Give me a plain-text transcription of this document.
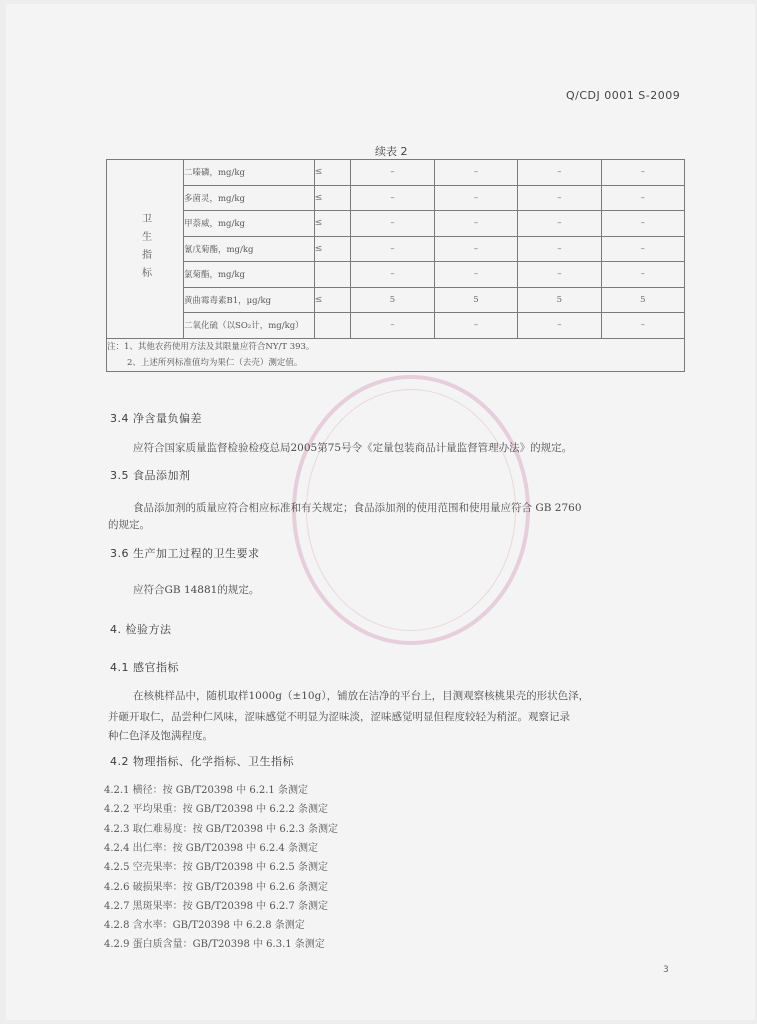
Q/CDJ 0001 S-2009
续表 2
卫生指标	二嗪磷，mg/kg	≤	–	–	–	–
	多菌灵，mg/kg	≤	–	–	–	–
	甲萘威，mg/kg	≤	–	–	–	–
	氰戊菊酯，mg/kg	≤	–	–	–	–
	氯菊酯，mg/kg		–	–	–	–
	黄曲霉毒素B1，μg/kg	≤	5	5	5	5
	二氧化硫（以SO₂计，mg/kg）		–	–	–	–

注：1、其他农药使用方法及其限量应符合NY/T 393。
2、上述所列标准值均为果仁（去壳）测定值。						
3.4 净含量负偏差
应符合国家质量监督检验检疫总局2005第75号令《定量包装商品计量监督管理办法》的规定。
3.5 食品添加剂
食品添加剂的质量应符合相应标准和有关规定；食品添加剂的使用范围和使用量应符合 GB 2760
的规定。
3.6 生产加工过程的卫生要求
应符合GB 14881的规定。
4. 检验方法
4.1 感官指标
在核桃样品中，随机取样1000g（±10g），铺放在洁净的平台上，目测观察核桃果壳的形状色泽，
并砸开取仁，品尝种仁风味，涩味感觉不明显为涩味淡，涩味感觉明显但程度较轻为稍涩。观察记录
种仁色泽及饱满程度。
4.2 物理指标、化学指标、卫生指标
4.2.1 横径：按 GB/T20398 中 6.2.1 条测定
4.2.2 平均果重：按 GB/T20398 中 6.2.2 条测定
4.2.3 取仁难易度：按 GB/T20398 中 6.2.3 条测定
4.2.4 出仁率：按 GB/T20398 中 6.2.4 条测定
4.2.5 空壳果率：按 GB/T20398 中 6.2.5 条测定
4.2.6 破损果率：按 GB/T20398 中 6.2.6 条测定
4.2.7 黑斑果率：按 GB/T20398 中 6.2.7 条测定
4.2.8 含水率：GB/T20398 中 6.2.8 条测定
4.2.9 蛋白质含量：GB/T20398 中 6.3.1 条测定
3
